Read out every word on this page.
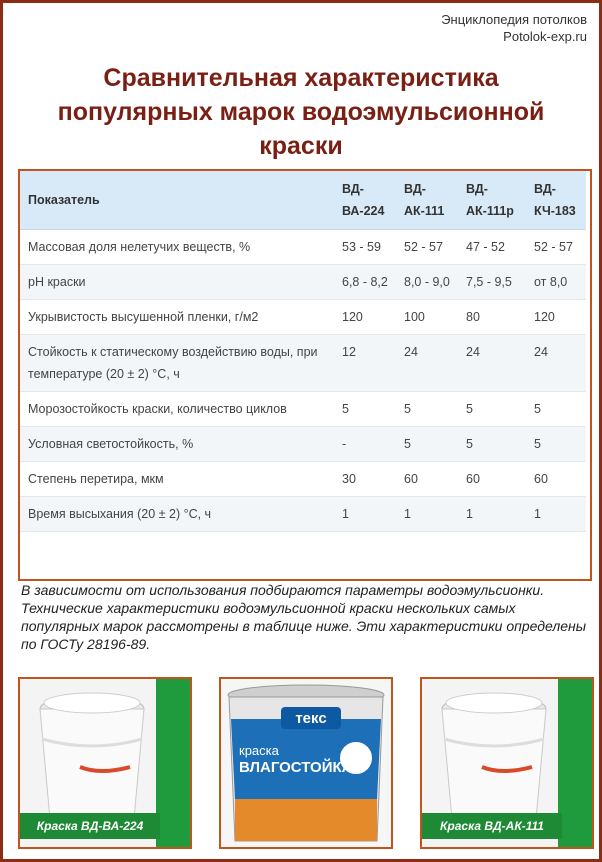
Энциклопедия потолков
Potolok-exp.ru
Сравнительная характеристика
популярных марок водоэмульсионной
краски
Показатель	ВД-ВА-224	ВД-АК-111	ВД-АК-111р	ВД-КЧ-183
Массовая доля нелетучих веществ, %	53 - 59	52 - 57	47 - 52	52 - 57
pH краски	6,8 - 8,2	8,0 - 9,0	7,5 - 9,5	от 8,0
Укрывистость высушенной пленки, г/м2	120	100	80	120
Стойкость к статическому воздействию воды, при температуре (20 ± 2) °С, ч	12	24	24	24
Морозостойкость краски, количество циклов	5	5	5	5
Условная светостойкость, %	-	5	5	5
Степень перетира, мкм	30	60	60	60
Время высыхания (20 ± 2) °С, ч	1	1	1	1
В зависимости от использования подбираются параметры водоэмульсионки. Технические характеристики водоэмульсионной краски нескольких самых популярных марок рассмотрены в таблице ниже. Эти характеристики определены по ГОСТу 28196-89.
Краска ВД-ВА-224
текс
краска
ВЛАГОСТОЙКАЯ
Краска ВД-АК-111
